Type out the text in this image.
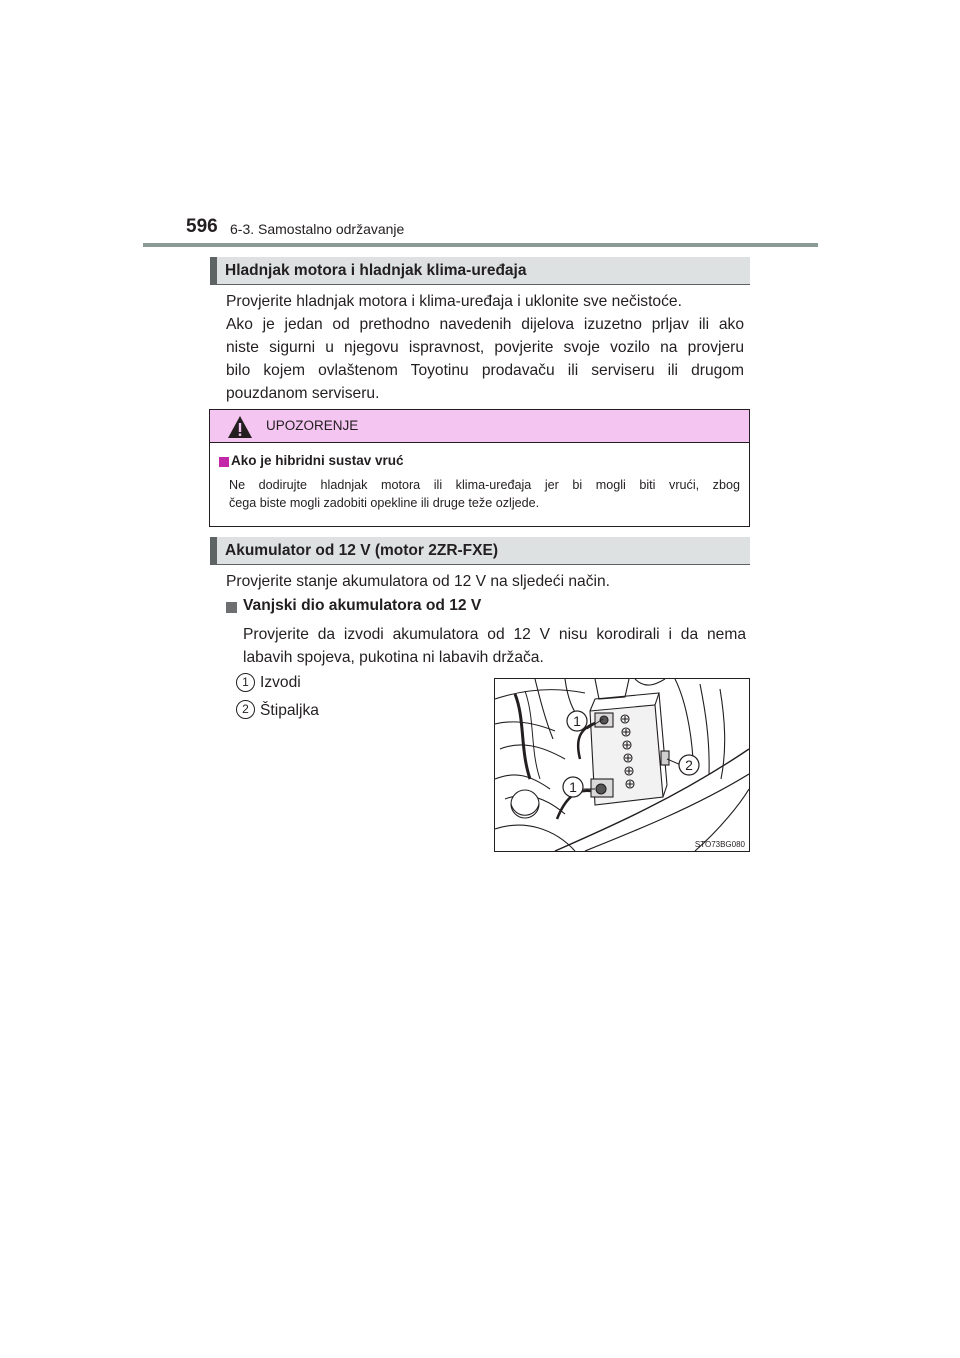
596 6-3. Samostalno održavanje
Hladnjak motora i hladnjak klima-uređaja
Provjerite hladnjak motora i klima-uređaja i uklonite sve nečistoće.
Ako je jedan od prethodno navedenih dijelova izuzetno prljav ili ako
niste sigurni u njegovu ispravnost, povjerite svoje vozilo na provjeru
bilo kojem ovlaštenom Toyotinu prodavaču ili serviseru ili drugom
pouzdanom serviseru.
UPOZORENJE
Ako je hibridni sustav vruć
Ne dodirujte hladnjak motora ili klima-uređaja jer bi mogli biti vrući, zbog
čega biste mogli zadobiti opekline ili druge teže ozljede.
Akumulator od 12 V (motor 2ZR-FXE)
Provjerite stanje akumulatora od 12 V na sljedeći način.
Vanjski dio akumulatora od 12 V
Provjerite da izvodi akumulatora od 12 V nisu korodirali i da nema
labavih spojeva, pukotina ni labavih držača.
1 Izvodi
2 Štipaljka
1
1
2
STO73BG080
